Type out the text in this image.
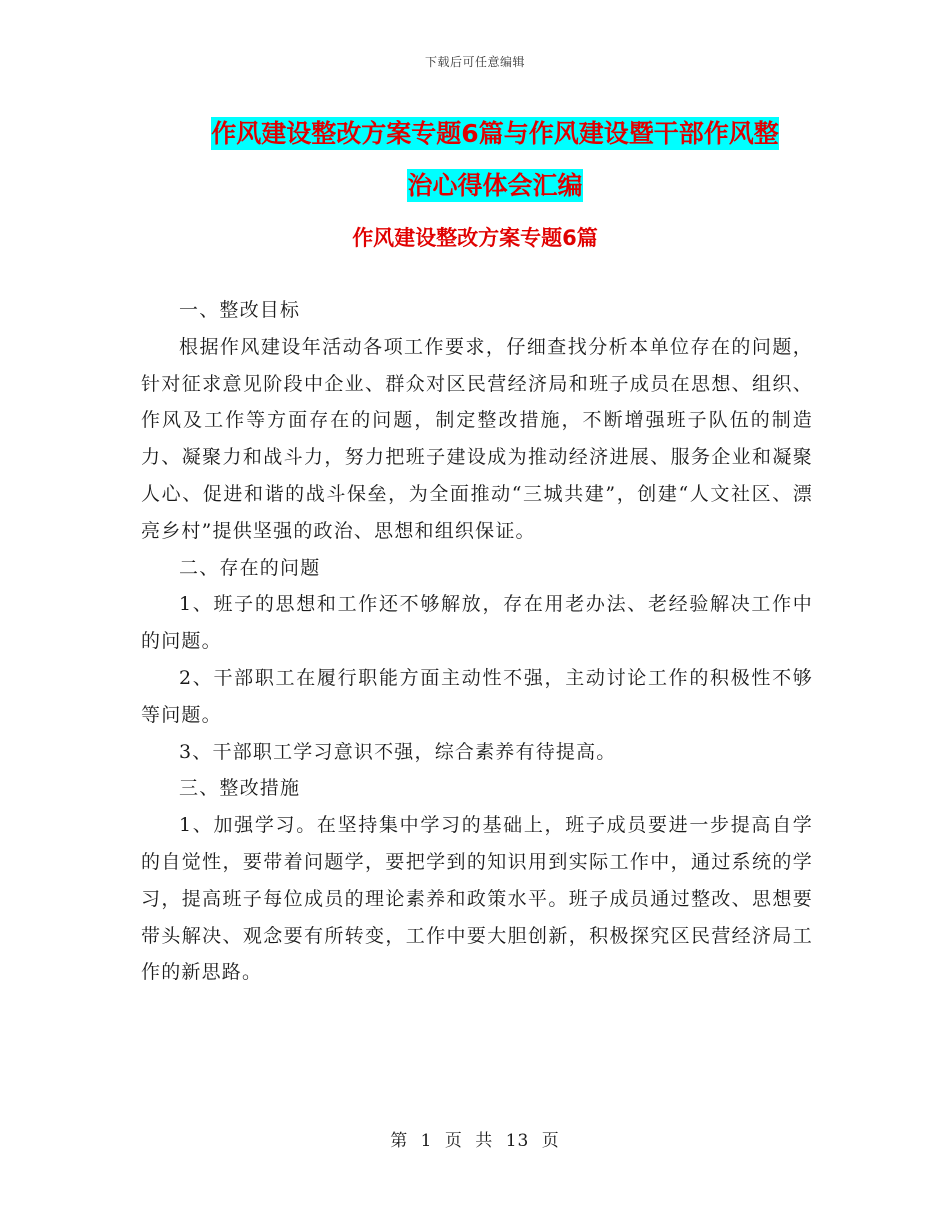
下载后可任意编辑
作风建设整改方案专题6篇与作风建设暨干部作风整
治心得体会汇编
作风建设整改方案专题6篇

一、整改目标

根据作风建设年活动各项工作要求，仔细查找分析本单位存在的问题，针对征求意见阶段中企业、群众对区民营经济局和班子成员在思想、组织、作风及工作等方面存在的问题，制定整改措施，不断增强班子队伍的制造力、凝聚力和战斗力，努力把班子建设成为推动经济进展、服务企业和凝聚人心、促进和谐的战斗保垒，为全面推动“三城共建”，创建“人文社区、漂亮乡村”提供坚强的政治、思想和组织保证。

二、存在的问题

1、班子的思想和工作还不够解放，存在用老办法、老经验解决工作中的问题。

2、干部职工在履行职能方面主动性不强，主动讨论工作的积极性不够等问题。

3、干部职工学习意识不强，综合素养有待提高。

三、整改措施

1、加强学习。在坚持集中学习的基础上，班子成员要进一步提高自学的自觉性，要带着问题学，要把学到的知识用到实际工作中，通过系统的学习，提高班子每位成员的理论素养和政策水平。班子成员通过整改、思想要带头解决、观念要有所转变，工作中要大胆创新，积极探究区民营经济局工作的新思路。

第 1 页 共 13 页
